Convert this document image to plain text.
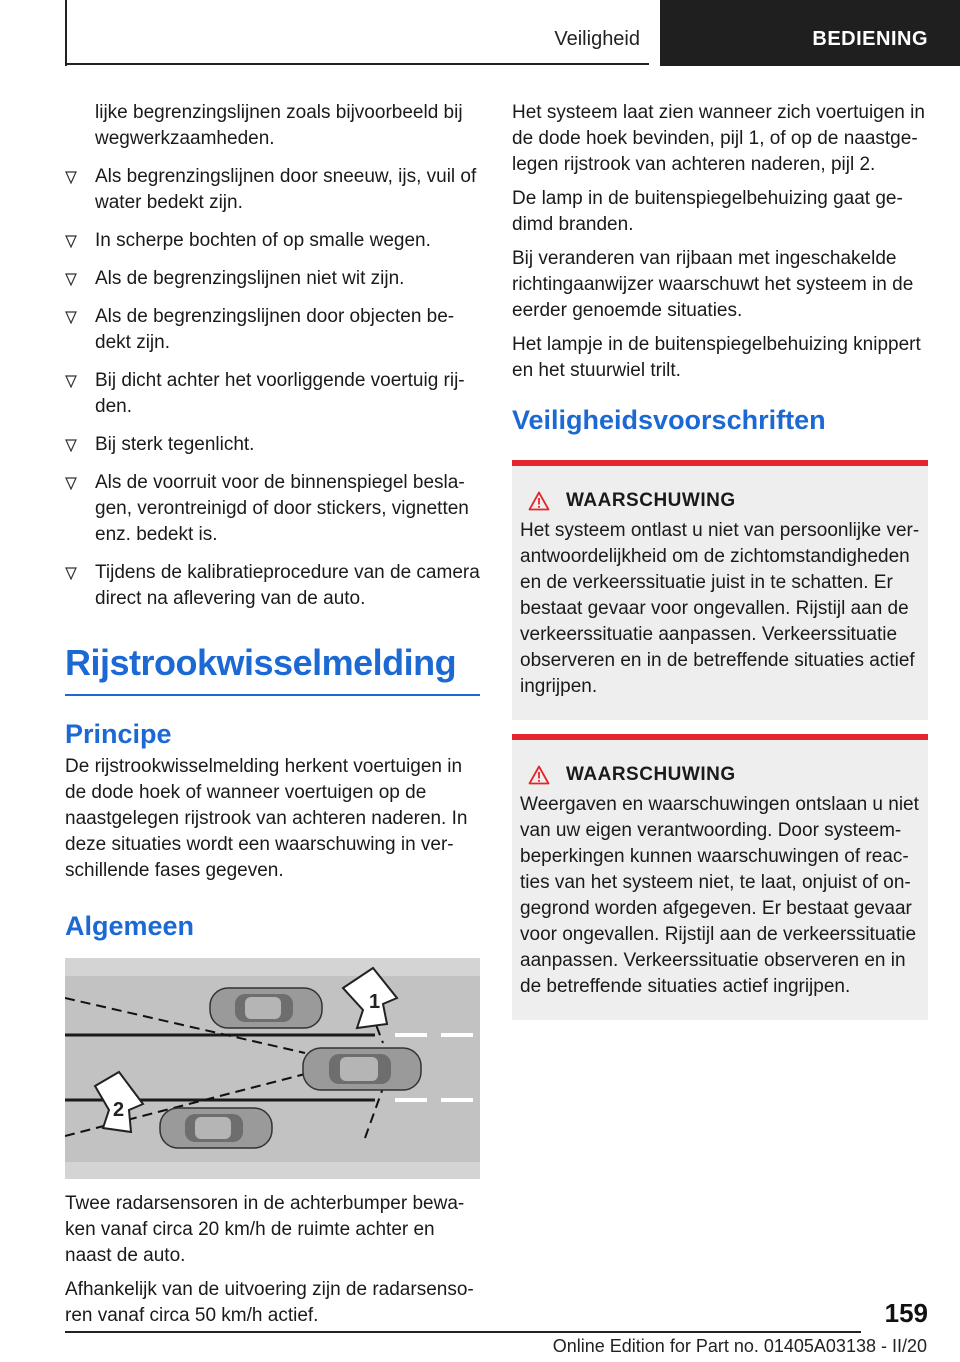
Veiligheid	BEDIENING

lijke begrenzingslijnen zoals bijvoorbeeld bij wegwerkzaamheden.

Als begrenzingslijnen door sneeuw, ijs, vuil of water bedekt zijn.
In scherpe bochten of op smalle wegen.
Als de begrenzingslijnen niet wit zijn.
Als de begrenzingslijnen door objecten be-dekt zijn.
Bij dicht achter het voorliggende voertuig rij-den.
Bij sterk tegenlicht.
Als de voorruit voor de binnenspiegel besla-gen, verontreinigd of door stickers, vignetten enz. bedekt is.
Tijdens de kalibratieprocedure van de camera direct na aflevering van de auto.
Rijstrookwisselmelding
Principe

De rijstrookwisselmelding herkent voertuigen in de dode hoek of wanneer voertuigen op de naastgelegen rijstrook van achteren naderen. In deze situaties wordt een waarschuwing in ver-schillende fases gegeven.

Algemeen
1
2

Twee radarsensoren in de achterbumper bewa-ken vanaf circa 20 km/h de ruimte achter en naast de auto.

Afhankelijk van de uitvoering zijn de radarsenso-ren vanaf circa 50 km/h actief.

Het systeem laat zien wanneer zich voertuigen in de dode hoek bevinden, pijl 1, of op de naastge-legen rijstrook van achteren naderen, pijl 2.

De lamp in de buitenspiegelbehuizing gaat ge-dimd branden.

Bij veranderen van rijbaan met ingeschakelde richtingaanwijzer waarschuwt het systeem in de eerder genoemde situaties.

Het lampje in de buitenspiegelbehuizing knippert en het stuurwiel trilt.

Veiligheidsvoorschriften
WAARSCHUWING

Het systeem ontlast u niet van persoonlijke ver-antwoordelijkheid om de zichtomstandigheden en de verkeerssituatie juist in te schatten. Er bestaat gevaar voor ongevallen. Rijstijl aan de verkeerssituatie aanpassen. Verkeerssituatie observeren en in de betreffende situaties actief ingrijpen.

WAARSCHUWING

Weergaven en waarschuwingen ontslaan u niet van uw eigen verantwoording. Door systeem-beperkingen kunnen waarschuwingen of reac-ties van het systeem niet, te laat, onjuist of on-gegrond worden afgegeven. Er bestaat gevaar voor ongevallen. Rijstijl aan de verkeerssituatie aanpassen. Verkeerssituatie observeren en in de betreffende situaties actief ingrijpen.

159
Online Edition for Part no. 01405A03138 - II/20
